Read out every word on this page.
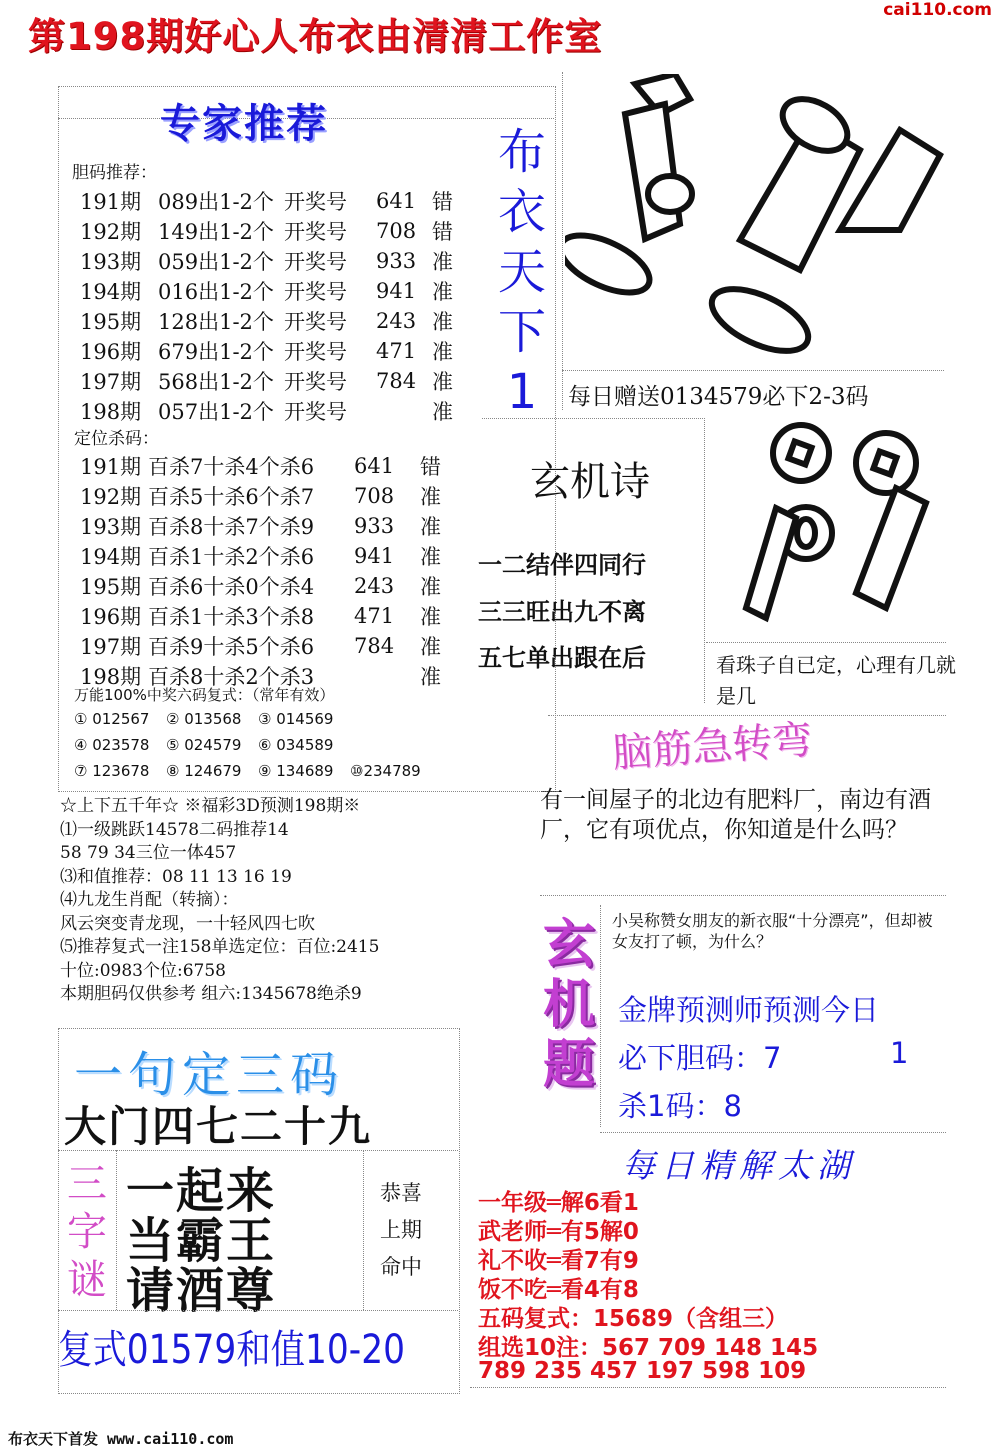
第198期好心人布衣由清清工作室
cai110.com
专家推荐
胆码推荐：
191期	089出1-2个	开奖号	641	错
192期	149出1-2个	开奖号	708	错
193期	059出1-2个	开奖号	933	准
194期	016出1-2个	开奖号	941	准
195期	128出1-2个	开奖号	243	准
196期	679出1-2个	开奖号	471	准
197期	568出1-2个	开奖号	784	准
198期	057出1-2个	开奖号		准
定位杀码：
191期	百杀7十杀4个杀6	641	错
192期	百杀5十杀6个杀7	708	准
193期	百杀8十杀7个杀9	933	准
194期	百杀1十杀2个杀6	941	准
195期	百杀6十杀0个杀4	243	准
196期	百杀1十杀3个杀8	471	准
197期	百杀9十杀5个杀6	784	准
198期	百杀8十杀2个杀3		准
万能100%中奖六码复式：（常年有效）
① 012567 ② 013568 ③ 014569
④ 023578 ⑤ 024579 ⑥ 034589
⑦ 123678 ⑧ 124679 ⑨ 134689 ⑩234789
☆上下五千年☆ ※福彩3D预测198期※
⑴一级跳跃14578二码推荐14
58 79 34三位一体457
⑶和值推荐：08 11 13 16 19
⑷九龙生肖配（转摘）：
风云突变青龙现，一十轻风四七吹
⑸推荐复式一注158单选定位：百位:2415
十位:0983个位:6758
本期胆码仅供参考 组六:1345678绝杀9
布
衣
天
下
1	每日赠送0134579必下2-3码
玄机诗
一二结伴四同行
三三旺出九不离
五七单出跟在后	看珠子自已定，心理有几就是几
脑筋急转弯
有一间屋子的北边有肥料厂，南边有酒厂，它有项优点，你知道是什么吗？
玄
机
题
小吴称赞女朋友的新衣服“十分漂亮”，但却被女友打了顿，为什么？
金牌预测师预测今日
必下胆码：7	1
杀1码：8
每日精解太湖
一年级═解6看1
武老师═有5解0
礼不收═看7有9
饭不吃═看4有8
五码复式：15689（含组三）
组选10注：567 709 148 145
789 235 457 197 598 109
一句定三码
大门四七二十九
三
字
谜
一起来
当霸王
请酒尊
恭喜
上期
命中
复式01579和值10-20
布衣天下首发 www.cai110.com
